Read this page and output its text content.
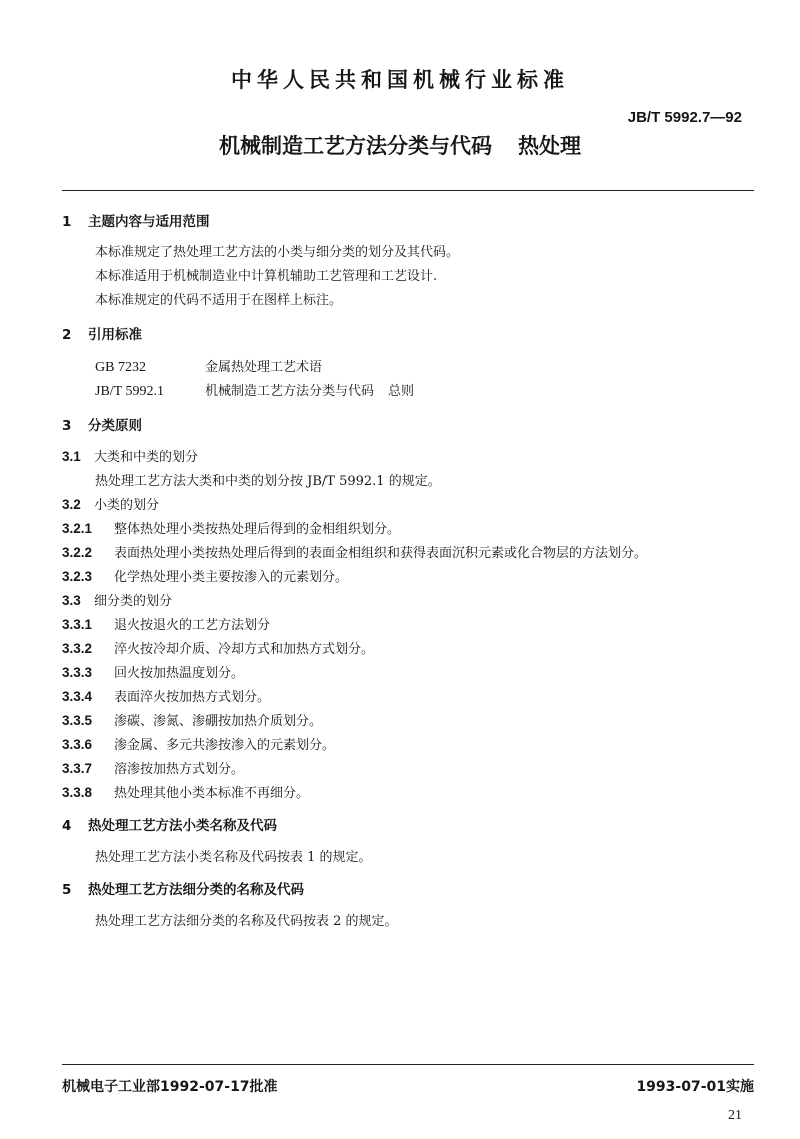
中华人民共和国机械行业标准
JB/T 5992.7—92
机械制造工艺方法分类与代码 热处理
1 主题内容与适用范围
本标准规定了热处理工艺方法的小类与细分类的划分及其代码。
本标准适用于机械制造业中计算机辅助工艺管理和工艺设计.
本标准规定的代码不适用于在图样上标注。
2 引用标准
GB 7232	金属热处理工艺术语
JB/T 5992.1	机械制造工艺方法分类与代码 总则
3 分类原则
3.1 大类和中类的划分
热处理工艺方法大类和中类的划分按 JB/T 5992.1 的规定。
3.2 小类的划分
3.2.1 整体热处理小类按热处理后得到的金相组织划分。
3.2.2 表面热处理小类按热处理后得到的表面金相组织和获得表面沉积元素或化合物层的方法划分。
3.2.3 化学热处理小类主要按渗入的元素划分。
3.3 细分类的划分
3.3.1 退火按退火的工艺方法划分
3.3.2 淬火按冷却介质、冷却方式和加热方式划分。
3.3.3 回火按加热温度划分。
3.3.4 表面淬火按加热方式划分。
3.3.5 渗碳、渗氮、渗硼按加热介质划分。
3.3.6 渗金属、多元共渗按渗入的元素划分。
3.3.7 溶渗按加热方式划分。
3.3.8 热处理其他小类本标准不再细分。
4 热处理工艺方法小类名称及代码
热处理工艺方法小类名称及代码按表 1 的规定。
5 热处理工艺方法细分类的名称及代码
热处理工艺方法细分类的名称及代码按表 2 的规定。
机械电子工业部1992-07-17批准	1993-07-01实施
21
